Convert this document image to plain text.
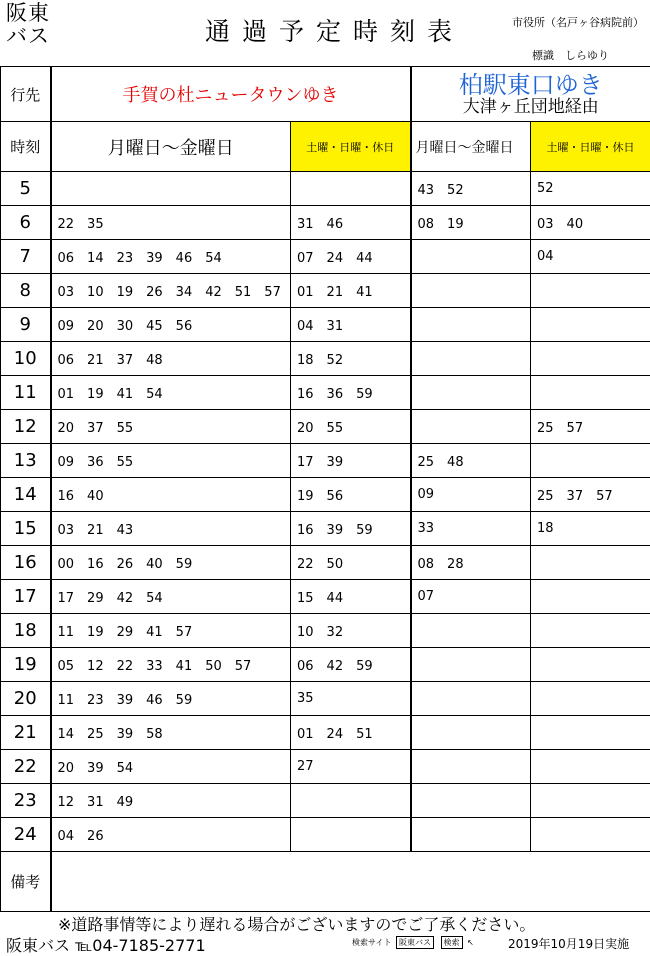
阪東
バス	通過予定時刻表	市役所（名戸ヶ谷病院前）
標識　しらゆり
行先	手賀の杜ニュータウンゆき		柏駅東口ゆき
大津ヶ丘団地経由	

時刻	月曜日～金曜日	土曜・日曜・休日	月曜日～金曜日	土曜・日曜・休日
5			43　52	52
6	22　35	31　46	08　19	03　40
7	06　14　23　39　46　54	07　24　44		04
8	03　10　19　26　34　42　51　57	01　21　41		
9	09　20　30　45　56	04　31		
10	06　21　37　48	18　52		
11	01　19　41　54	16　36　59		
12	20　37　55	20　55		25　57
13	09　36　55	17　39	25　48	
14	16　40	19　56	09	25　37　57
15	03　21　43	16　39　59	33	18
16	00　16　26　40　59	22　50	08　28	
17	17　29　42　54	15　44	07	
18	11　19　29　41　57	10　32		
19	05　12　22　33　41　50　57	06　42　59		
20	11　23　39　46　59	35		
21	14　25　39　58	01　24　51		
22	20　39　54	27		
23	12　31　49			
24	04　26			
備考				
※道路事情等により遅れる場合がございますのでご了承ください。
阪東バス ℡04-7185-2771	検索サイト 阪東バス 検索 ↖	2019年10月19日実施
